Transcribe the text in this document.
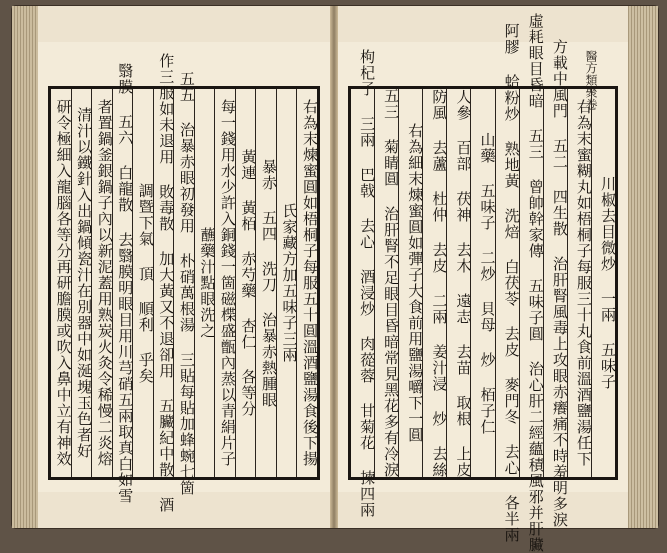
右為末煉蜜圓如梧桐子每服五十圓溫酒鹽湯食後下揚
氏家藏方加五味子三兩
暴赤 五四 洗刀 治暴赤熱腫眼
黃連 黃栢 赤芍藥 杏仁 各等分
每一錢用水少許入銅錢一箇磁楪盛甑內蒸以青絹片子
蘸藥汁點眼洗之
五五 治暴赤眼初發用 朴硝萬根湯 三貼每貼加蜂蜿七箇
作三服如未退用 敗毒散 加大黃又不退卻用 五臟紀中散 酒
調暨下氣 頂 順利 乎矣
翳膜 五六 白龍散 去翳膜明眼目用川芎硝五兩取真白如雪
者置鍋釜銀鍋子內以新泥蓋用熟炭火灸令稀慢二炎熔
清汁以鐵針入出鍋傾瓷汁在別器中如涎塊玉色者好
研令極細入龍腦各等分再研膽膜或吹入鼻中立有神效
醫方類聚卷
川椒去目微炒 一兩 五味子
右為末蜜糊丸如梧桐子每服三十丸食前溫酒鹽湯任下
方載中風門 五二 四生散 治肝腎風毒上攻眼赤癢痛不時羞明多淚
虛耗眼目昏暗 五三 曾帥幹家傳 五味子圓 治心肝二經蘊積風邪并肝臟
阿膠 蛤粉炒 熟地黃 洗焙 白茯苓 去皮 麥門冬 去心 各半兩
山藥 五味子 二炒 貝母 炒 栢子仁
人參 百部 茯神 去木 遠志 去苗 取根 上皮
防風 去蘆 杜仲 去皮 二兩 姜汁浸 炒 去絲
右為細末煉蜜圓如彈子大食前用鹽湯嚼下一圓
五三 菊睛圓 治肝腎不足眼目昏暗常見黑花多有冷淚
枸杞子 三兩 巴戟 去心 酒浸炒 肉蓯蓉 甘菊花 揀四兩
